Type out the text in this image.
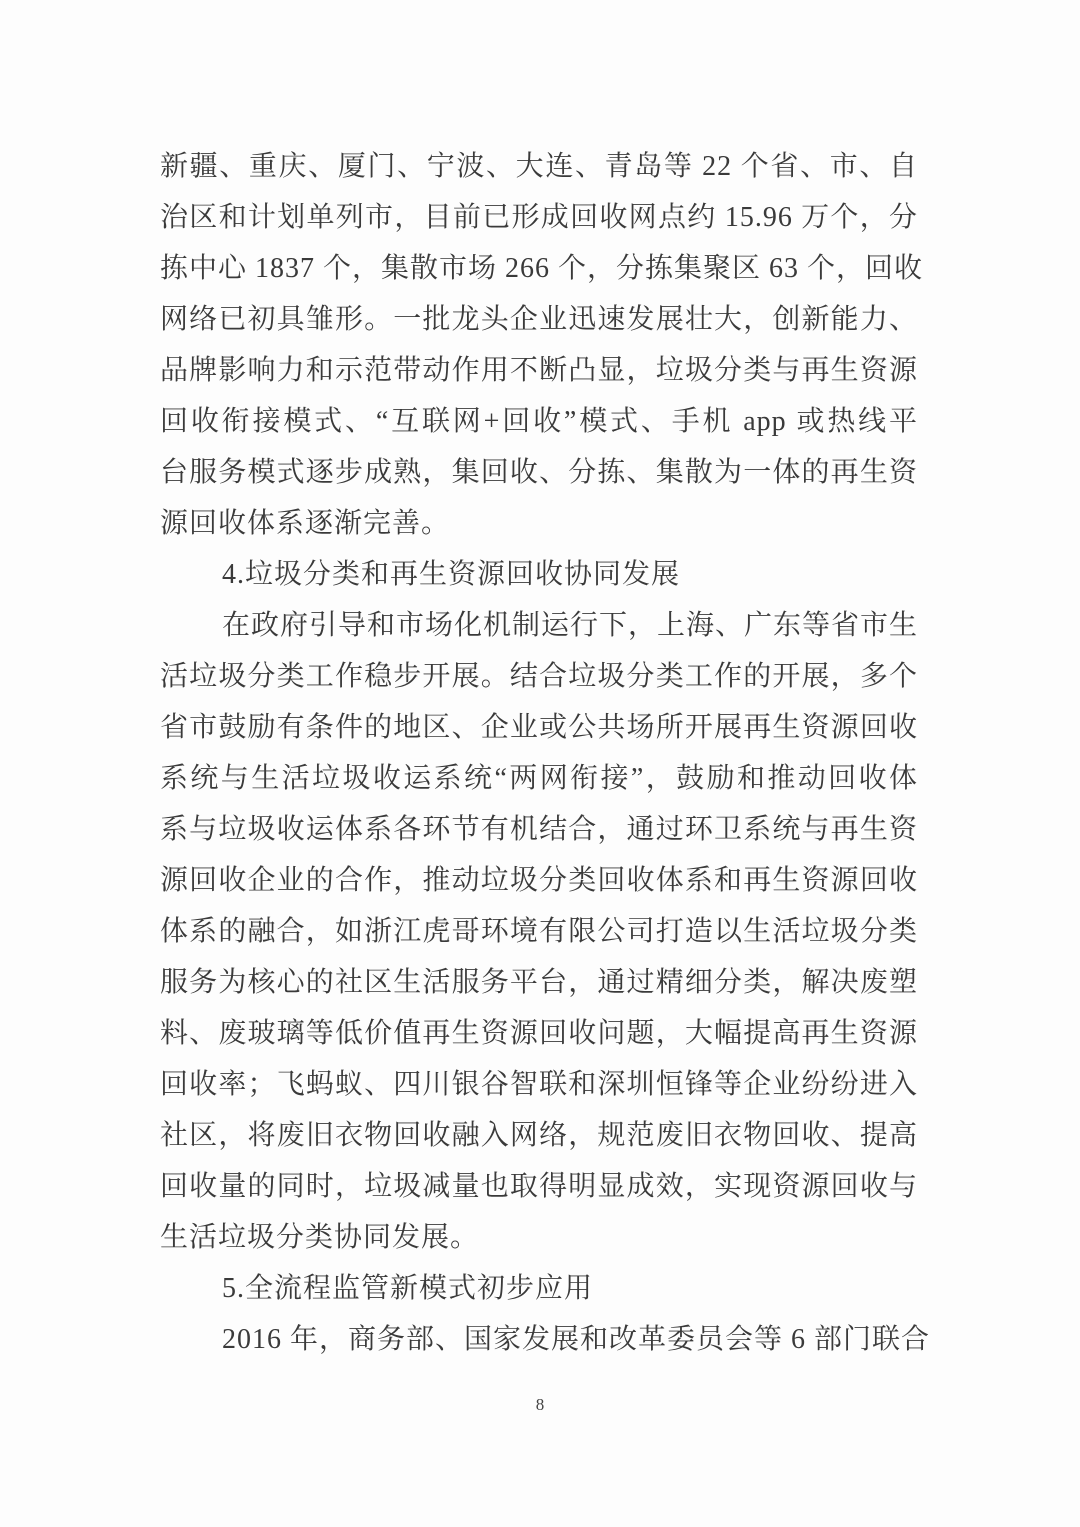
新疆、重庆、厦门、宁波、大连、青岛等 22 个省、市、自
治区和计划单列市，目前已形成回收网点约 15.96 万个，分
拣中心 1837 个，集散市场 266 个，分拣集聚区 63 个，回收
网络已初具雏形。一批龙头企业迅速发展壮大，创新能力、
品牌影响力和示范带动作用不断凸显，垃圾分类与再生资源
回收衔接模式、“互联网+回收”模式、手机 app 或热线平
台服务模式逐步成熟，集回收、分拣、集散为一体的再生资
源回收体系逐渐完善。
4.垃圾分类和再生资源回收协同发展
在政府引导和市场化机制运行下，上海、广东等省市生
活垃圾分类工作稳步开展。结合垃圾分类工作的开展，多个
省市鼓励有条件的地区、企业或公共场所开展再生资源回收
系统与生活垃圾收运系统“两网衔接”，鼓励和推动回收体
系与垃圾收运体系各环节有机结合，通过环卫系统与再生资
源回收企业的合作，推动垃圾分类回收体系和再生资源回收
体系的融合，如浙江虎哥环境有限公司打造以生活垃圾分类
服务为核心的社区生活服务平台，通过精细分类，解决废塑
料、废玻璃等低价值再生资源回收问题，大幅提高再生资源
回收率；飞蚂蚁、四川银谷智联和深圳恒锋等企业纷纷进入
社区，将废旧衣物回收融入网络，规范废旧衣物回收、提高
回收量的同时，垃圾减量也取得明显成效，实现资源回收与
生活垃圾分类协同发展。
5.全流程监管新模式初步应用
2016 年，商务部、国家发展和改革委员会等 6 部门联合
8
